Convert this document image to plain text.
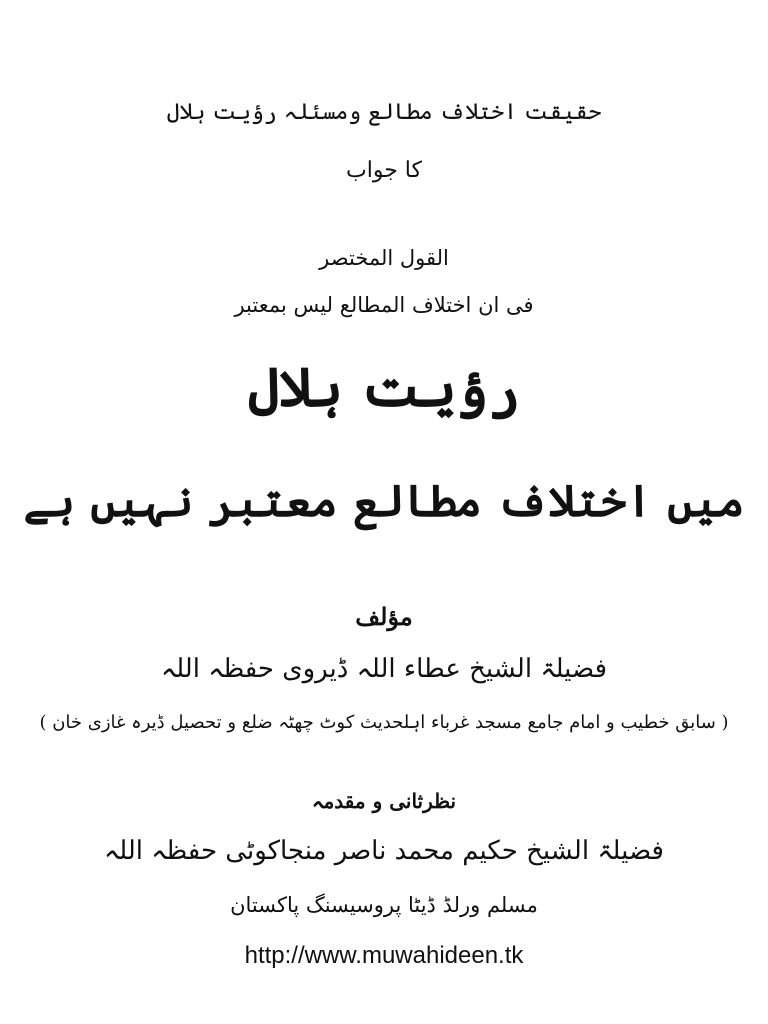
حقیقت اختلاف مطالع ومسئلہ رؤیت ہلال
کا جواب
القول المختصر
فی ان اختلاف المطالع لیس بمعتبر
رؤیت ہلال
میں اختلاف مطالع معتبر نہیں ہے
مؤلف
فضیلۃ الشیخ عطاء اللہ ڈیروی حفظہ اللہ
( سابق خطیب و امام جامع مسجد غرباء اہلحدیث کوٹ چھٹہ ضلع و تحصیل ڈیرہ غازی خان )
نظرثانی و مقدمہ
فضیلۃ الشیخ حکیم محمد ناصر منجاکوٹی حفظہ اللہ
مسلم ورلڈ ڈیٹا پروسیسنگ پاکستان
http://www.muwahideen.tk
